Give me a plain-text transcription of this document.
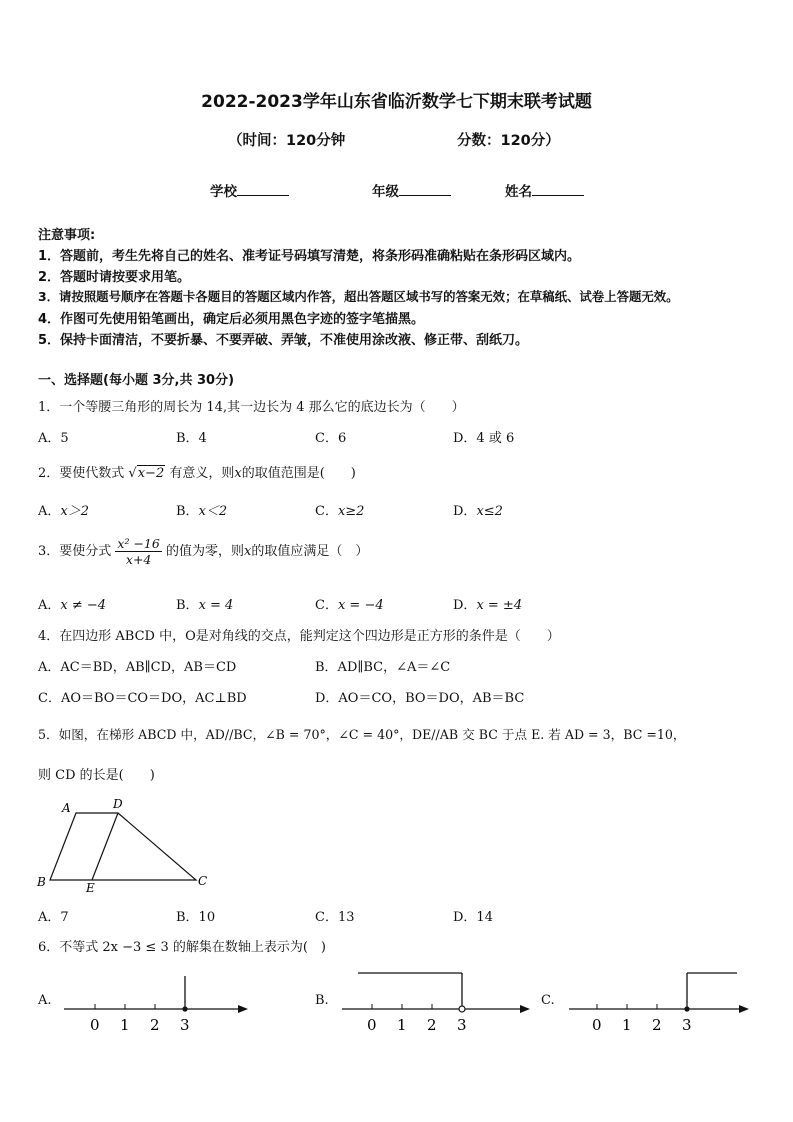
2022-2023学年山东省临沂数学七下期末联考试题
（时间：120分钟	分数：120分）
学校	年级	姓名
注意事项:
1．答题前，考生先将自己的姓名、准考证号码填写清楚，将条形码准确粘贴在条形码区域内。
2．答题时请按要求用笔。
3．请按照题号顺序在答题卡各题目的答题区域内作答，超出答题区域书写的答案无效；在草稿纸、试卷上答题无效。
4．作图可先使用铅笔画出，确定后必须用黑色字迹的签字笔描黑。
5．保持卡面清洁，不要折暴、不要弄破、弄皱，不准使用涂改液、修正带、刮纸刀。
一、选择题(每小题 3分,共 30分)
1．一个等腰三角形的周长为 14,其一边长为 4 那么它的底边长为（　　）
A．5	B．4	C．6	D．4 或 6
2．要使代数式 √x−2 有意义，则x的取值范围是(　　)
A．x＞2	B．x＜2	C．x≥2	D．x≤2
3．要使分式 $\frac{\text{x² −16}}{x+4}$ 的值为零，则x的取值应满足（　）
A．x ≠ −4	B．x = 4	C．x = −4	D．x = ±4
4．在四边形 ABCD 中，O是对角线的交点，能判定这个四边形是正方形的条件是（　　）
A．AC＝BD，AB∥CD，AB＝CD	B．AD∥BC，∠A＝∠C
C．AO＝BO＝CO＝DO，AC⊥BD	D．AO＝CO，BO＝DO，AB＝BC
5．如图，在梯形 ABCD 中，AD//BC，∠B = 70°，∠C = 40°，DE//AB 交 BC 于点 E. 若 AD = 3，BC =10，
则 CD 的长是(　　)
A	D
B	E	C
A．7	B．10	C．13	D．14
6．不等式 2x −3 ≤ 3 的解集在数轴上表示为(　)
A.
0 1 2 3
B.
0 1 2 3
C.
0 1 2 3
